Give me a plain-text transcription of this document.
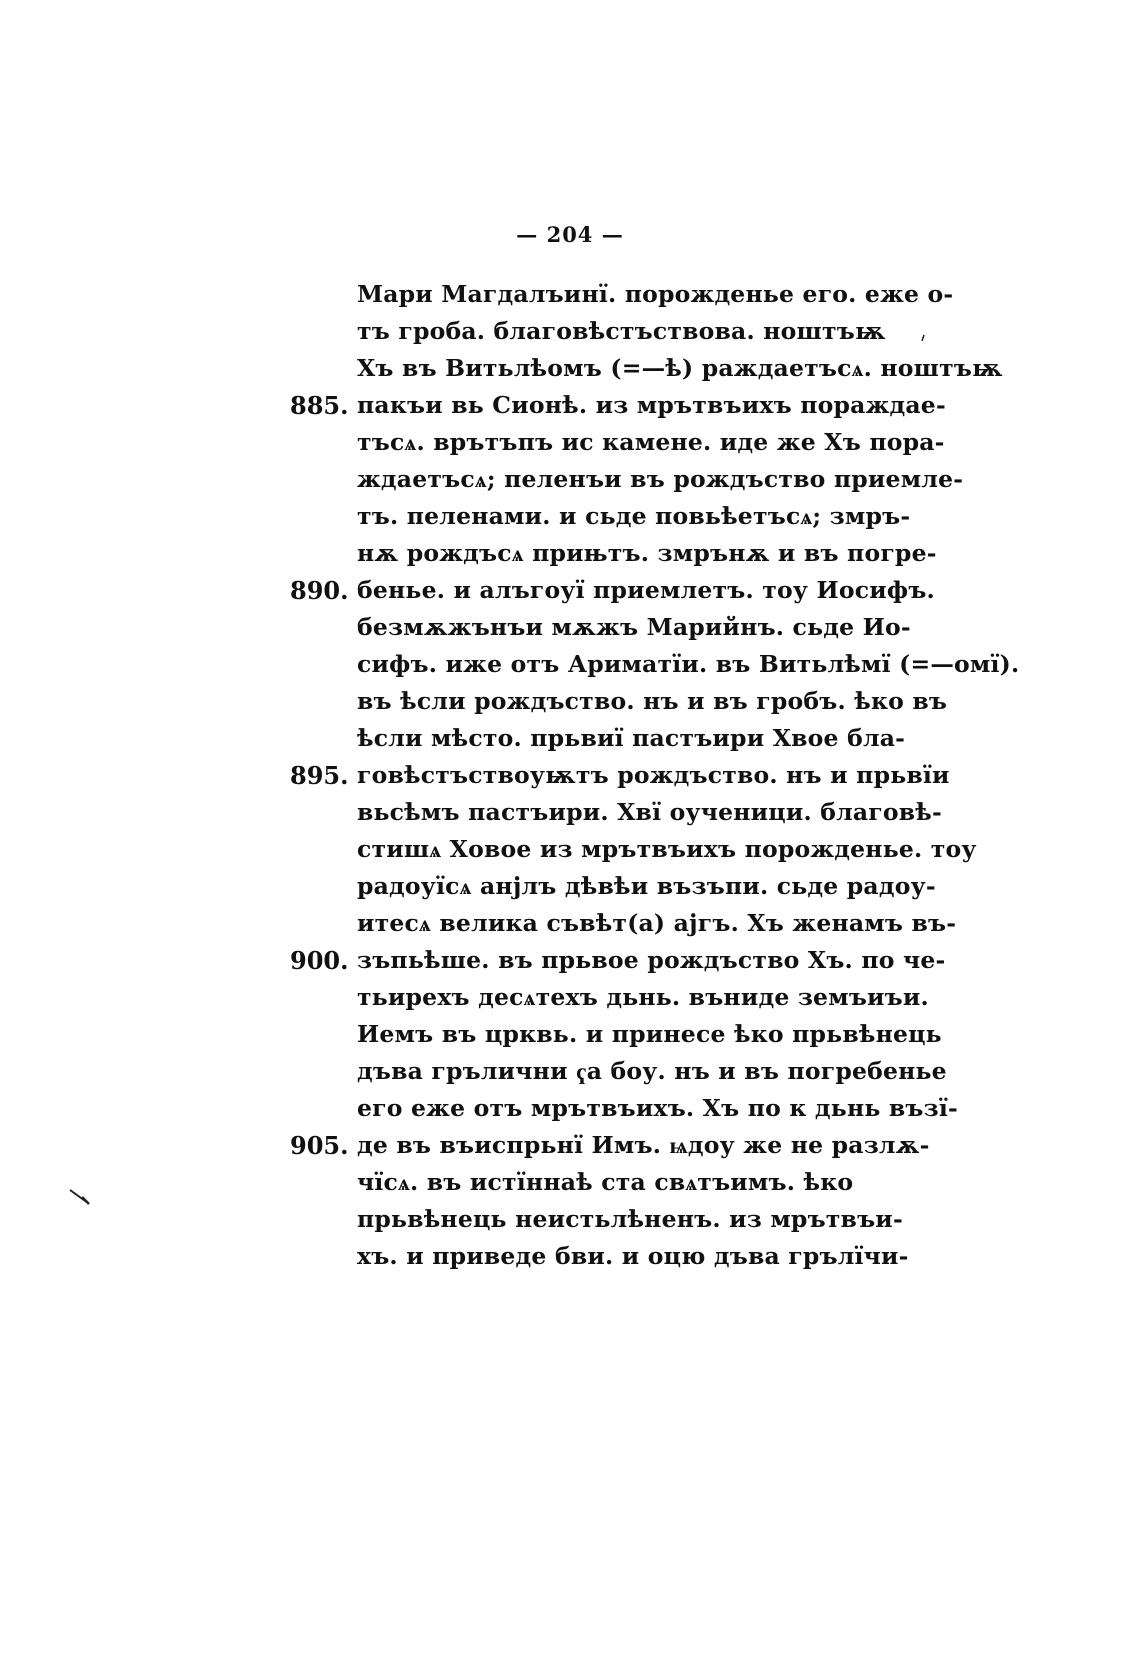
— 204 —
Мари Магдалъинї. порожденье его. еже о-
тъ гроба. благовѣстъствова. ноштъѭ
Хъ въ Витьлѣомъ (=—ѣ) раждаетъсѧ. ноштъѭ
885. пакъи вь Сионѣ. из мрътвъихъ пораждае-
тъсѧ. врътъпъ ис камене. иде же Хъ пора-
ждаетъсѧ; пеленъи въ рождъство приемле-
тъ. пеленами. и сьде повьѣетъсѧ; змръ-
нѫ рождъсѧ прињтъ. змрънѫ и въ погре-
890. бенье. и алъгоуї приемлетъ. тоу Иосифъ.
безмѫжънъи мѫжъ Марийнъ. сьде Ио-
сифъ. иже отъ Ариматїи. въ Витьлѣмї (=—омї).
въ ѣсли рождъство. нъ и въ гробъ. ѣко въ
ѣсли мѣсто. прьвиї пастъири Хвое бла-
895. говѣстъствоуѭтъ рождъство. нъ и прьвїи
вьсѣмъ пастъири. Хвї оученици. благовѣ-
стишѧ Ховое из мрътвъихъ порожденье. тоу
радоуїсѧ анјлъ дѣвѣи възъпи. сьде радоу-
итесѧ велика съвѣт(а) ајгъ. Хъ женамъ въ-
900. зъпьѣше. въ прьвое рождъство Хъ. по че-
тьирехъ десѧтехъ дьнь. вънидe земъиъи.
Иемъ въ црквь. и принесе ѣко прьвѣнець
дъва грълични ҁа боу. нъ и въ погребенье
его еже отъ мрътвъихъ. Хъ по к дьнь възї-
905. де въ въиспрьнї Имъ. ѩдоу же не разлѫ-
чїсѧ. въ истїннаѣ ста свѧтъимъ. ѣко
прьвѣнець неистьлѣненъ. из мрътвъи-
хъ. и приведе бви. и оцю дъва грълїчи-
